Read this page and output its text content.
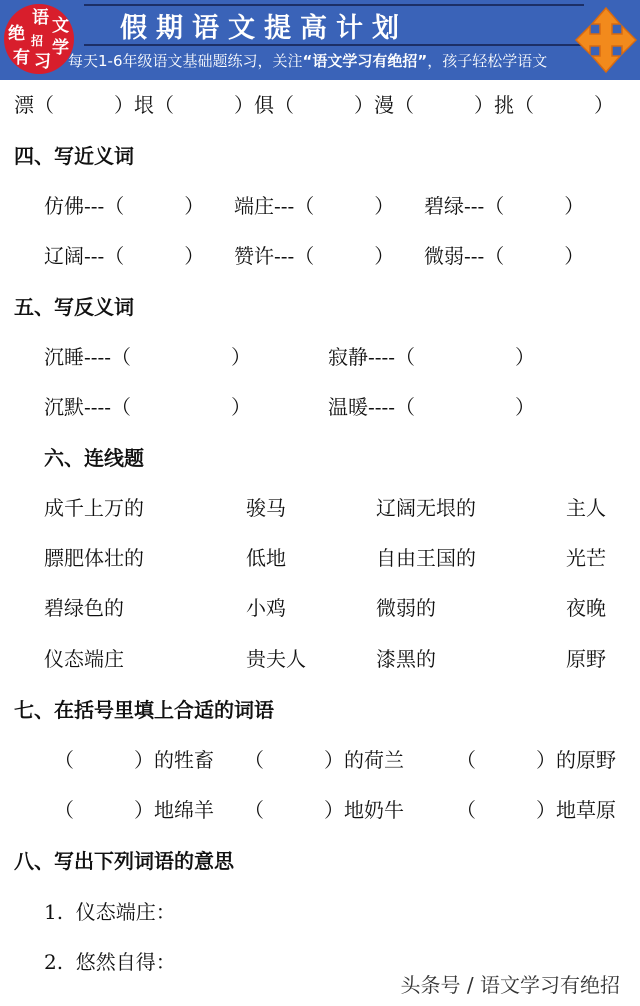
语 文
绝 招 学
有 习
假期语文提高计划
每天1-6年级语文基础题练习，关注“语文学习有绝招”，孩子轻松学语文
漂（　　　）垠（　　　）俱（　　　）漫（　　　）挑（　　　）
四、写近义词
仿佛---（　　　） 端庄---（　　　） 碧绿---（　　　）
辽阔---（　　　） 赞许---（　　　） 微弱---（　　　）
五、写反义词
沉睡----（　　　　　）	寂静----（　　　　　）
沉默----（　　　　　）	温暖----（　　　　　）
六、连线题
成千上万的	骏马	辽阔无垠的	主人
膘肥体壮的	低地	自由王国的	光芒
碧绿色的	小鸡	微弱的	夜晚
仪态端庄	贵夫人	漆黑的	原野
七、在括号里填上合适的词语
（　　　）的牲畜 （　　　）的荷兰	（　　　）的原野
（　　　）地绵羊 （　　　）地奶牛	（　　　）地草原
八、写出下列词语的意思
1.  仪态端庄：
2.  悠然自得：
头条号 / 语文学习有绝招
